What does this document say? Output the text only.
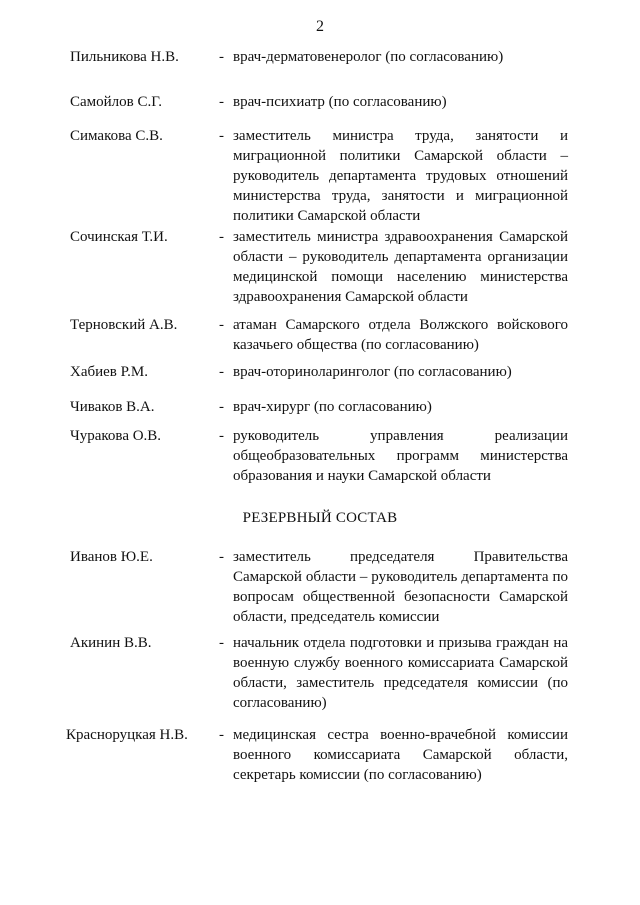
2
Пильникова Н.В.	- врач-дерматовенеролог (по согласованию)
Самойлов С.Г.	- врач-психиатр (по согласованию)
Симакова С.В.	- заместитель министра труда, занятости и миграционной политики Самарской области – руководитель департамента трудовых отношений министерства труда, занятости и миграционной политики Самарской области
Сочинская Т.И.	- заместитель министра здравоохранения Самарской области – руководитель департамента организации медицинской помощи населению министерства здравоохранения Самарской области
Терновский А.В.	- атаман Самарского отдела Волжского войскового казачьего общества (по согласованию)
Хабиев Р.М.	- врач-оториноларинголог (по согласованию)
Чиваков В.А.	- врач-хирург (по согласованию)
Чуракова О.В.	- руководитель управления реализации общеобразовательных программ министерства образования и науки Самарской области
РЕЗЕРВНЫЙ СОСТАВ
Иванов Ю.Е.	- заместитель председателя Правительства Самарской области – руководитель департамента по вопросам общественной безопасности Самарской области, председатель комиссии
Акинин В.В.	- начальник отдела подготовки и призыва граждан на военную службу военного комиссариата Самарской области, заместитель председателя комиссии (по согласованию)
Красноруцкая Н.В. - медицинская сестра военно-врачебной комиссии военного комиссариата Самарской области, секретарь комиссии (по согласованию)
